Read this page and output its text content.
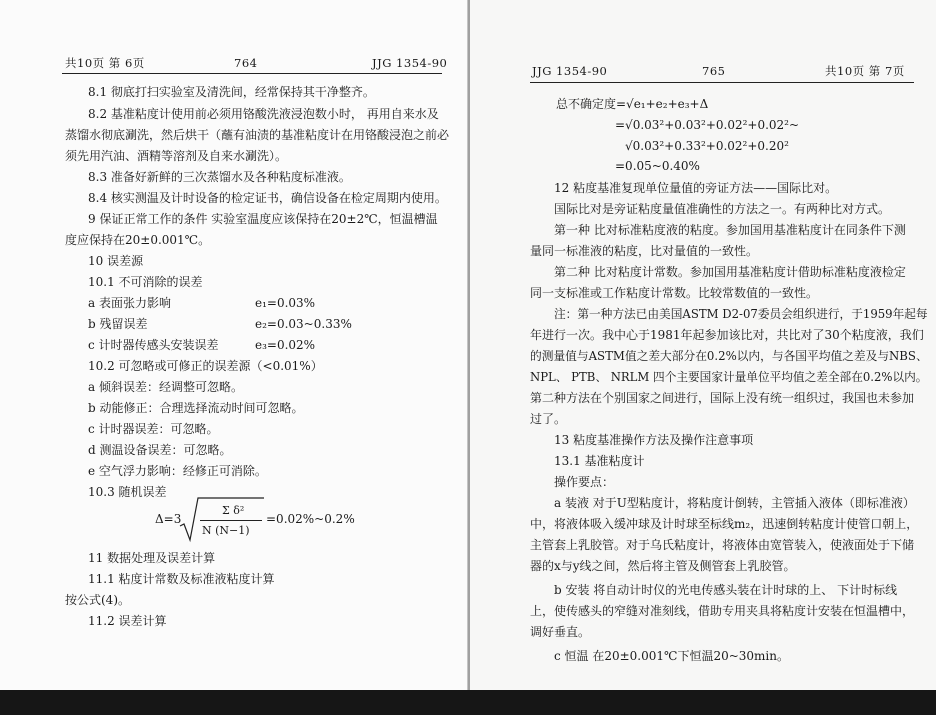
共10页 第 6页	764	JJG 1354-90
8.1 彻底打扫实验室及清洗间，经常保持其干净整齐。
8.2 基准粘度计使用前必须用铬酸洗液浸泡数小时， 再用自来水及
蒸馏水彻底涮洗，然后烘干（蘸有油渍的基准粘度计在用铬酸浸泡之前必
须先用汽油、酒精等溶剂及自来水涮洗）。
8.3 准备好新鲜的三次蒸馏水及各种粘度标准液。
8.4 核实测温及计时设备的检定证书，确信设备在检定周期内使用。
9 保证正常工作的条件 实验室温度应该保持在20±2℃，恒温槽温
度应保持在20±0.001℃。
10 误差源
10.1 不可消除的误差
a 表面张力影响	e₁=0.03%
b 残留误差	e₂=0.03~0.33%
c 计时器传感头安装误差	e₃=0.02%
10.2 可忽略或可修正的误差源（<0.01%）
a 倾斜误差：经调整可忽略。
b 动能修正：合理选择流动时间可忽略。
c 计时器误差：可忽略。
d 测温设备误差：可忽略。
e 空气浮力影响：经修正可消除。
10.3 随机误差
Δ=3
Σ δ²
N (N−1)
=0.02%~0.2%
11 数据处理及误差计算
11.1 粘度计常数及标准液粘度计算
按公式(4)。
11.2 误差计算
JJG 1354-90	765	共10页 第 7页
总不确定度=√e₁+e₂+e₃+Δ
=√0.03²+0.03²+0.02²+0.02²~
√0.03²+0.33²+0.02²+0.20²
=0.05~0.40%
12 粘度基准复现单位量值的旁证方法——国际比对。
国际比对是旁证粘度量值准确性的方法之一。有两种比对方式。
第一种 比对标准粘度液的粘度。参加国用基准粘度计在同条件下测
量同一标准液的粘度，比对量值的一致性。
第二种 比对粘度计常数。参加国用基准粘度计借助标准粘度液检定
同一支标准或工作粘度计常数。比较常数值的一致性。
注：第一种方法已由美国ASTM D2-07委员会组织进行，于1959年起每
年进行一次。我中心于1981年起参加该比对，共比对了30个粘度液，我们
的测量值与ASTM值之差大部分在0.2%以内，与各国平均值之差及与NBS、
NPL、 PTB、 NRLM 四个主要国家计量单位平均值之差全部在0.2%以内。
第二种方法在个别国家之间进行，国际上没有统一组织过，我国也未参加
过了。
13 粘度基准操作方法及操作注意事项
13.1 基准粘度计
操作要点：
a 装液 对于U型粘度计，将粘度计倒转，主管插入液体（即标准液）
中，将液体吸入缓冲球及计时球至标线m₂，迅速倒转粘度计使管口朝上，
主管套上乳胶管。对于乌氏粘度计，将液体由宽管装入，使液面处于下储
器的x与y线之间，然后将主管及侧管套上乳胶管。
b 安装 将自动计时仪的光电传感头装在计时球的上、 下计时标线
上，使传感头的窄缝对准刻线，借助专用夹具将粘度计安装在恒温槽中，
调好垂直。
c 恒温 在20±0.001℃下恒温20~30min。
